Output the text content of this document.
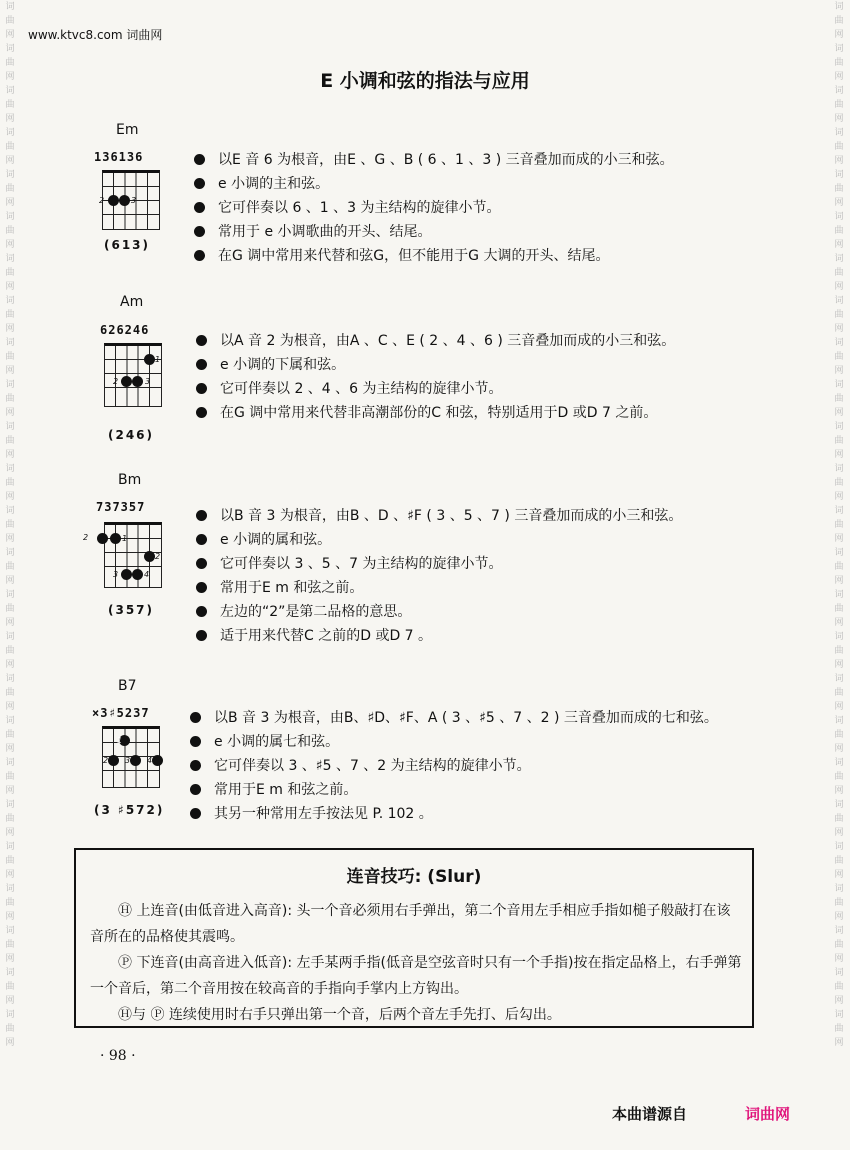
词
曲
网
词
曲
网
词
曲
网
词
曲
网
词
曲
网
词
曲
网
词
曲
网
词
曲
网
词
曲
网
词
曲
网
词
曲
网
词
曲
网
词
曲
网
词
曲
网
词
曲
网
词
曲
网
词
曲
网
词
曲
网
词
曲
网
词
曲
网
词
曲
网
词
曲
网
词
曲
网
词
曲
网
词
曲
网
词
曲
网
词
曲
网
词
曲
网
词
曲
网
词
曲
网
词
曲
网
词
曲
网
词
曲
网
词
曲
网
词
曲
网
词
曲
网
词
曲
网
词
曲
网
词
曲
网
词
曲
网
词
曲
网
词
曲
网
词
曲
网
词
曲
网
词
曲
网
词
曲
网
词
曲
网
词
曲
网
词
曲
网
词
曲
网
www.ktvc8.com 词曲网
E 小调和弦的指法与应用
Em
136136
2	3
(613)
以E 音 6 为根音，由E 、G 、B ( 6 、1 、3 ) 三音叠加而成的小三和弦。
e 小调的主和弦。
它可伴奏以 6 、1 、3 为主结构的旋律小节。
常用于 e 小调歌曲的开头、结尾。
在G 调中常用来代替和弦G，但不能用于G 大调的开头、结尾。
Am
626246
1
2	3
(246)
以A 音 2 为根音，由A 、C 、E ( 2 、4 、6 ) 三音叠加而成的小三和弦。
e 小调的下属和弦。
它可伴奏以 2 、4 、6 为主结构的旋律小节。
在G 调中常用来代替非高潮部份的C 和弦，特别适用于D 或D 7 之前。
Bm
737357
2	1
2
3	4
(357)
以B 音 3 为根音，由B 、D 、♯F ( 3 、5 、7 ) 三音叠加而成的小三和弦。
e 小调的属和弦。
它可伴奏以 3 、5 、7 为主结构的旋律小节。
常用于E m 和弦之前。
左边的“2”是第二品格的意思。
适于用来代替C 之前的D 或D 7 。
B7
×3♯5237
1
2 3 4
(3 ♯572)
以B 音 3 为根音，由B、♯D、♯F、A ( 3 、♯5 、7 、2 ) 三音叠加而成的七和弦。
e 小调的属七和弦。
它可伴奏以 3 、♯5 、7 、2 为主结构的旋律小节。
常用于E m 和弦之前。
其另一种常用左手按法见 P. 102 。
连音技巧: (Slur)
Ⓗ 上连音(由低音进入高音): 头一个音必须用右手弹出，第二个音用左手相应手指如槌子般敲打在该音所在的品格使其震鸣。
Ⓟ 下连音(由高音进入低音): 左手某两手指(低音是空弦音时只有一个手指)按在指定品格上，右手弹第一个音后，第二个音用按在较高音的手指向手掌内上方钩出。
Ⓗ与 Ⓟ 连续使用时右手只弹出第一个音，后两个音左手先打、后勾出。
· 98 ·
本曲谱源自	词曲网
